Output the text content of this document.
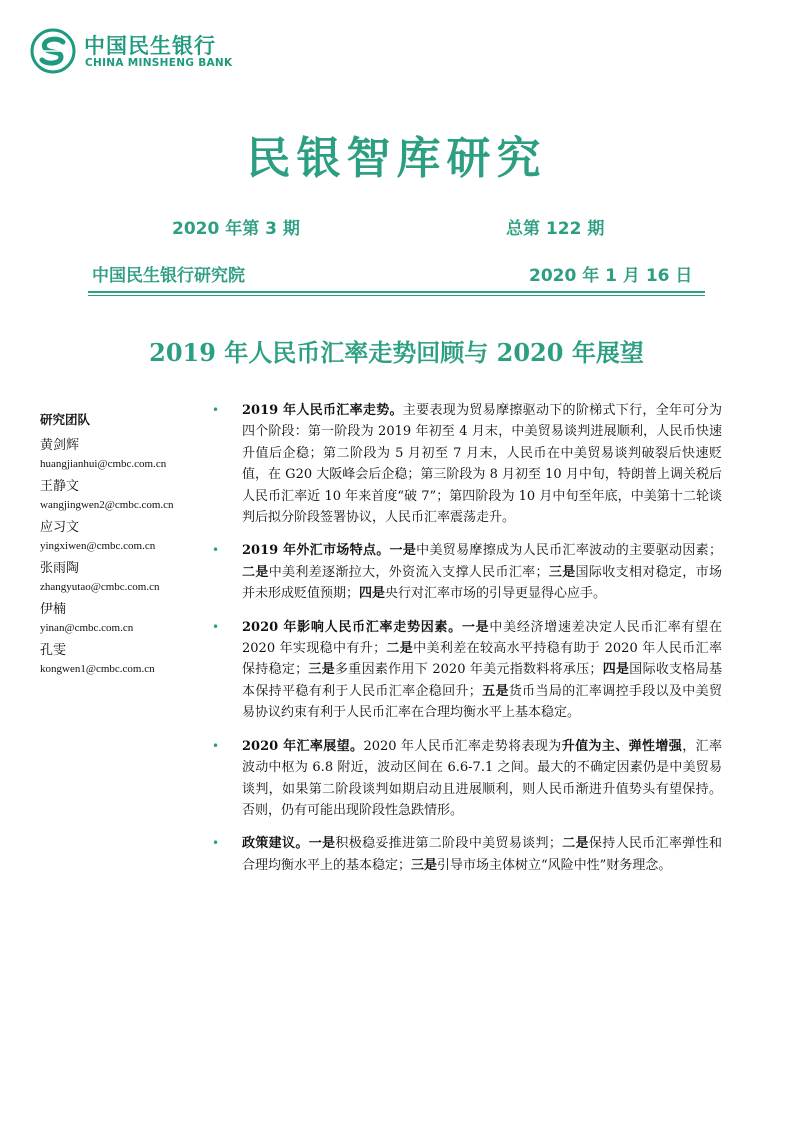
中国民生银行
CHINA MINSHENG BANK
民银智库研究
2020 年第 3 期	总第 122 期
中国民生银行研究院	2020 年 1 月 16 日
2019 年人民币汇率走势回顾与 2020 年展望
研究团队
黄剑辉
huangjianhui@cmbc.com.cn
王静文
wangjingwen2@cmbc.com.cn
应习文
yingxiwen@cmbc.com.cn
张雨陶
zhangyutao@cmbc.com.cn
伊楠
yinan@cmbc.com.cn
孔雯
kongwen1@cmbc.com.cn
• 2019 年人民币汇率走势。主要表现为贸易摩擦驱动下的阶梯式下行，全年可分为四个阶段：第一阶段为 2019 年初至 4 月末，中美贸易谈判进展顺利，人民币快速升值后企稳；第二阶段为 5 月初至 7 月末，人民币在中美贸易谈判破裂后快速贬值，在 G20 大阪峰会后企稳；第三阶段为 8 月初至 10 月中旬，特朗普上调关税后人民币汇率近 10 年来首度“破 7”；第四阶段为 10 月中旬至年底，中美第十二轮谈判后拟分阶段签署协议，人民币汇率震荡走升。
• 2019 年外汇市场特点。一是中美贸易摩擦成为人民币汇率波动的主要驱动因素；二是中美利差逐渐拉大，外资流入支撑人民币汇率；三是国际收支相对稳定，市场并未形成贬值预期；四是央行对汇率市场的引导更显得心应手。
• 2020 年影响人民币汇率走势因素。一是中美经济增速差决定人民币汇率有望在 2020 年实现稳中有升；二是中美利差在较高水平持稳有助于 2020 年人民币汇率保持稳定；三是多重因素作用下 2020 年美元指数料将承压；四是国际收支格局基本保持平稳有利于人民币汇率企稳回升；五是货币当局的汇率调控手段以及中美贸易协议约束有利于人民币汇率在合理均衡水平上基本稳定。
• 2020 年汇率展望。2020 年人民币汇率走势将表现为升值为主、弹性增强，汇率波动中枢为 6.8 附近，波动区间在 6.6-7.1 之间。最大的不确定因素仍是中美贸易谈判，如果第二阶段谈判如期启动且进展顺利，则人民币渐进升值势头有望保持。否则，仍有可能出现阶段性急跌情形。
• 政策建议。一是积极稳妥推进第二阶段中美贸易谈判；二是保持人民币汇率弹性和合理均衡水平上的基本稳定；三是引导市场主体树立“风险中性”财务理念。
